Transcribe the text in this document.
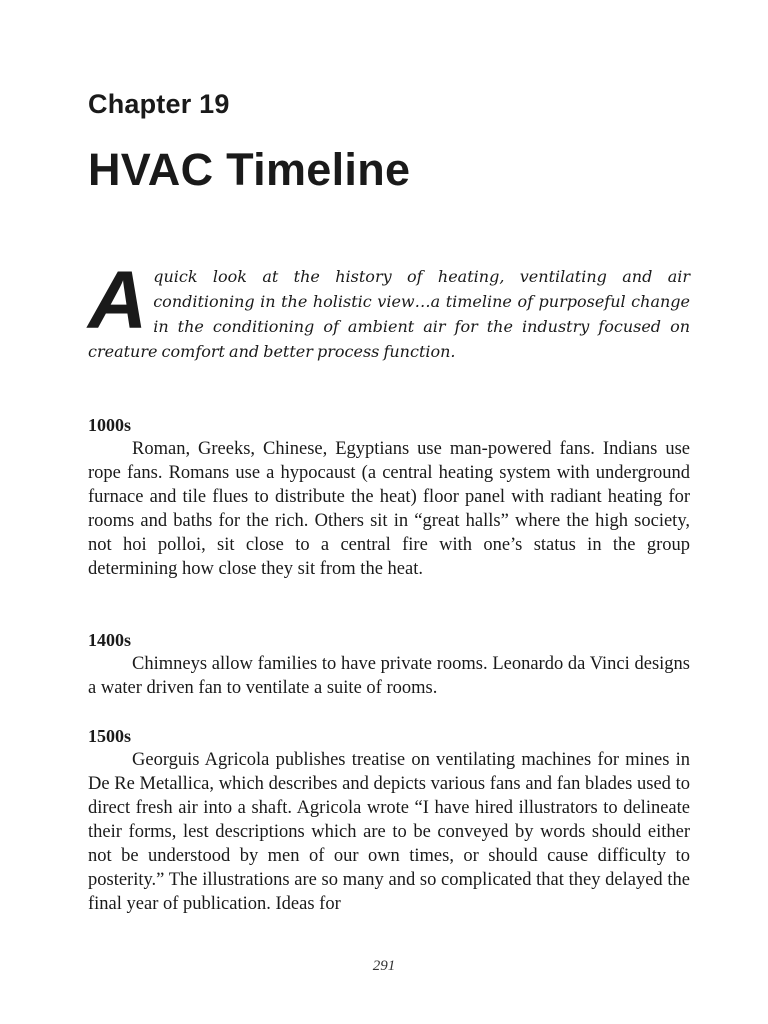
Chapter 19
HVAC Timeline

Aquick look at the history of heating, ventilating and air conditioning in the holistic view…a timeline of purposeful change in the conditioning of ambient air for the industry focused on creature comfort and better process function.

1000s

Roman, Greeks, Chinese, Egyptians use man-powered fans. Indians use rope fans. Romans use a hypocaust (a central heating system with underground furnace and tile flues to distribute the heat) floor panel with radiant heating for rooms and baths for the rich. Others sit in “great halls” where the high society, not hoi polloi, sit close to a central fire with one’s status in the group determining how close they sit from the heat.

1400s

Chimneys allow families to have private rooms. Leonardo da Vinci designs a water driven fan to ventilate a suite of rooms.

1500s

Georguis Agricola publishes treatise on ventilating machines for mines in De Re Metallica, which describes and depicts various fans and fan blades used to direct fresh air into a shaft. Agricola wrote “I have hired illustrators to delineate their forms, lest descriptions which are to be conveyed by words should either not be understood by men of our own times, or should cause difficulty to posterity.” The illustrations are so many and so complicated that they delayed the final year of publication. Ideas for

291
